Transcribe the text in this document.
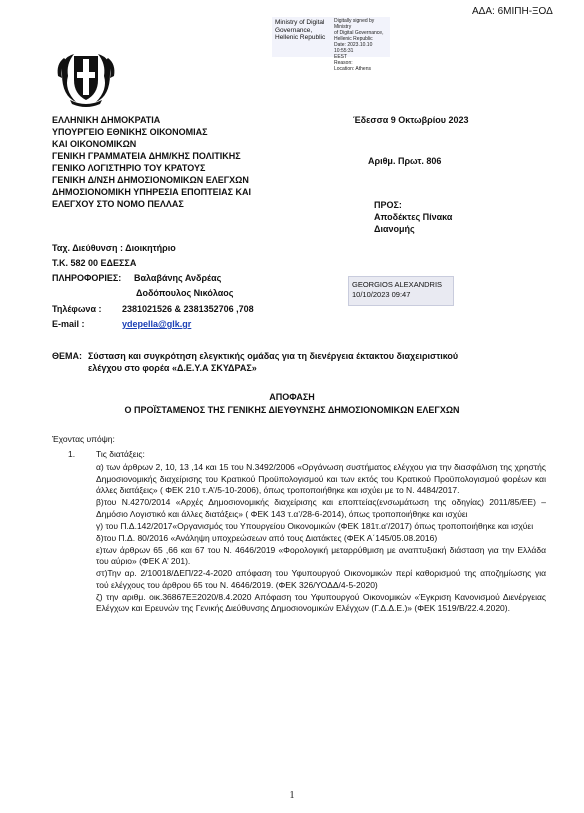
ΑΔΑ: 6ΜΙΠΗ-ΞΟΔ
Ministry of Digital
Governance,
Hellenic Republic
Digitally signed by Ministry
of Digital Governance,
Hellenic Republic
Date: 2023.10.10 10:55:31
EEST
Reason:
Location: Athens
ΕΛΛΗΝΙΚΗ ΔΗΜΟΚΡΑΤΙΑ
ΥΠΟΥΡΓΕΙΟ ΕΘΝΙΚΗΣ ΟΙΚΟΝΟΜΙΑΣ
ΚΑΙ ΟΙΚΟΝΟΜΙΚΩΝ
ΓΕΝΙΚΗ ΓΡΑΜΜΑΤΕΙΑ ΔΗΜ/ΚΗΣ ΠΟΛΙΤΙΚΗΣ
ΓΕΝΙΚΟ ΛΟΓΙΣΤΗΡΙΟ ΤΟΥ ΚΡΑΤΟΥΣ
ΓΕΝΙΚΗ Δ/ΝΣΗ ΔΗΜΟΣΙΟΝΟΜΙΚΩΝ ΕΛΕΓΧΩΝ
ΔΗΜΟΣΙΟΝΟΜΙΚΗ ΥΠΗΡΕΣΙΑ ΕΠΟΠΤΕΙΑΣ ΚΑΙ
ΕΛΕΓΧΟΥ ΣΤΟ ΝΟΜΟ ΠΕΛΛΑΣ
Έδεσσα 9 Οκτωβρίου 2023
Αριθμ. Πρωτ. 806
ΠΡΟΣ:
Αποδέκτες Πίνακα
Διανομής
Ταχ. Διεύθυνση : Διοικητήριο
Τ.Κ. 582 00 ΕΔΕΣΣΑ
ΠΛΗΡΟΦΟΡΙΕΣ: Βαλαβάνης Ανδρέας
Δοδόπουλος Νικόλαος
Τηλέφωνα : 2381021526 & 2381352706 ,708
E-mail :	ydepella@glk.gr
GEORGIOS ALEXANDRIS
10/10/2023 09:47
ΘΕΜΑ: Σύσταση και συγκρότηση ελεγκτικής ομάδας για τη διενέργεια έκτακτου διαχειριστικού
ελέγχου στο φορέα «Δ.Ε.Υ.Α ΣΚΥΔΡΑΣ»
ΑΠΟΦΑΣΗ
Ο ΠΡΟΪΣΤΑΜΕΝΟΣ ΤΗΣ ΓΕΝΙΚΗΣ ΔΙΕΥΘΥΝΣΗΣ ΔΗΜΟΣΙΟΝΟΜΙΚΩΝ ΕΛΕΓΧΩΝ
Έχοντας υπόψη:
1. Τις διατάξεις:
α) των άρθρων 2, 10, 13 ,14 και 15 του Ν.3492/2006 «Οργάνωση συστήματος ελέγχου για την διασφάλιση της χρηστής Δημοσιονομικής διαχείρισης του Κρατικού Προϋπολογισμού και των εκτός του Κρατικού Προϋπολογισμού φορέων και άλλες διατάξεις» ( ΦΕΚ 210 τ.Α’/5-10-2006), όπως τροποποιήθηκε και ισχύει με το Ν. 4484/2017.
β)του Ν.4270/2014 «Αρχές Δημοσιονομικής διαχείρισης και εποπτείας(ενσωμάτωση της οδηγίας) 2011/85/ΕΕ) – Δημόσιο Λογιστικό και άλλες διατάξεις» ( ΦΕΚ 143 τ.α’/28-6-2014), όπως τροποποιήθηκε και ισχύει
γ) του Π.Δ.142/2017«Οργανισμός του Υπουργείου Οικονομικών (ΦΕΚ 181τ.α’/2017) όπως τροποποιήθηκε και ισχύει
δ)του Π.Δ. 80/2016 «Ανάληψη υποχρεώσεων από τους Διατάκτες (ΦΕΚ Α΄145/05.08.2016)
ε)των άρθρων 65 ,66 και 67 του Ν. 4646/2019 «Φορολογική μεταρρύθμιση με αναπτυξιακή διάσταση για την Ελλάδα του αύριο» (ΦΕΚ Α’ 201).
στ)Την αρ. 2/10018/ΔΕΠ/22-4-2020 απόφαση του Υφυπουργού Οικονομικών περί καθορισμού της αποζημίωσης για τού ελέγχους του άρθρου 65 του Ν. 4646/2019. (ΦΕΚ 326/ΥΟΔΔ/4-5-2020)
ζ) την αριθμ. οικ.36867ΕΞ2020/8.4.2020 Απόφαση του Υφυπουργού Οικονομικών «Έγκριση Κανονισμού Διενέργειας Ελέγχων και Ερευνών της Γενικής Διεύθυνσης Δημοσιονομικών Ελέγχων (Γ.Δ.Δ.Ε.)» (ΦΕΚ 1519/Β/22.4.2020).
1
